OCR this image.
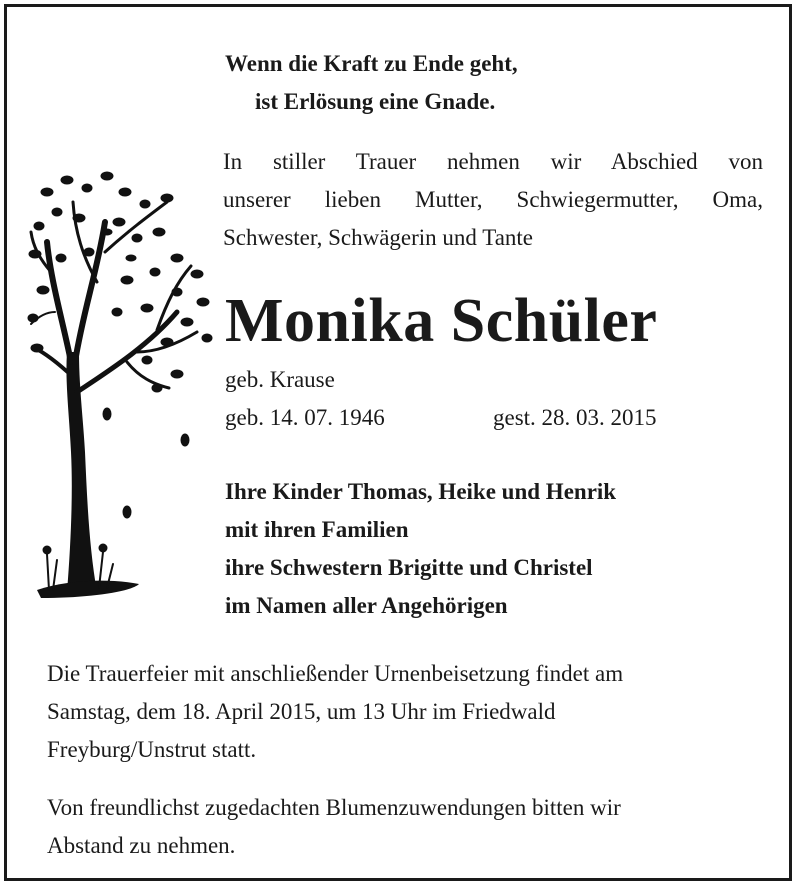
Wenn die Kraft zu Ende geht,
ist Erlösung eine Gnade.
In stiller Trauer nehmen wir Abschied von
unserer lieben Mutter, Schwiegermutter, Oma,
Schwester, Schwägerin und Tante
Monika Schüler
geb. Krause
geb. 14. 07. 1946	gest. 28. 03. 2015
Ihre Kinder Thomas, Heike und Henrik
mit ihren Familien
ihre Schwestern Brigitte und Christel
im Namen aller Angehörigen
Die Trauerfeier mit anschließender Urnenbeisetzung findet am
Samstag, dem 18. April 2015, um 13 Uhr im Friedwald
Freyburg/Unstrut statt.
Von freundlichst zugedachten Blumenzuwendungen bitten wir
Abstand zu nehmen.
